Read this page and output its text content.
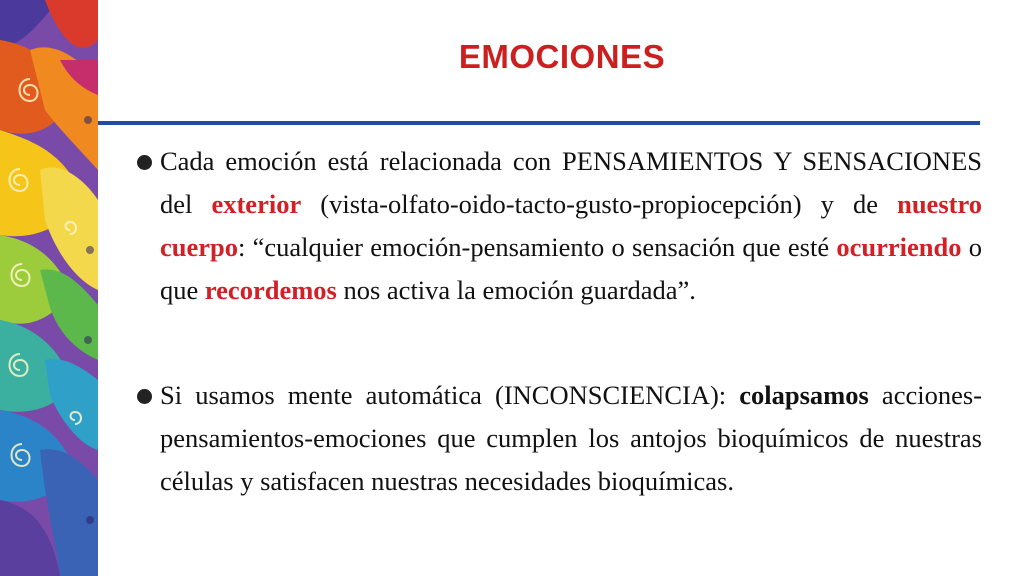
EMOCIONES
Cada emoción está relacionada con PENSAMIENTOS Y SENSACIONES del exterior (vista-olfato-oido-tacto-gusto-propiocepción) y de nuestro cuerpo: “cualquier emoción-pensamiento o sensación que esté ocurriendo o que recordemos nos activa la emoción guardada”.
Si usamos mente automática (INCONSCIENCIA): colapsamos acciones-pensamientos-emociones que cumplen los antojos bioquímicos de nuestras células y satisfacen nuestras necesidades bioquímicas.
